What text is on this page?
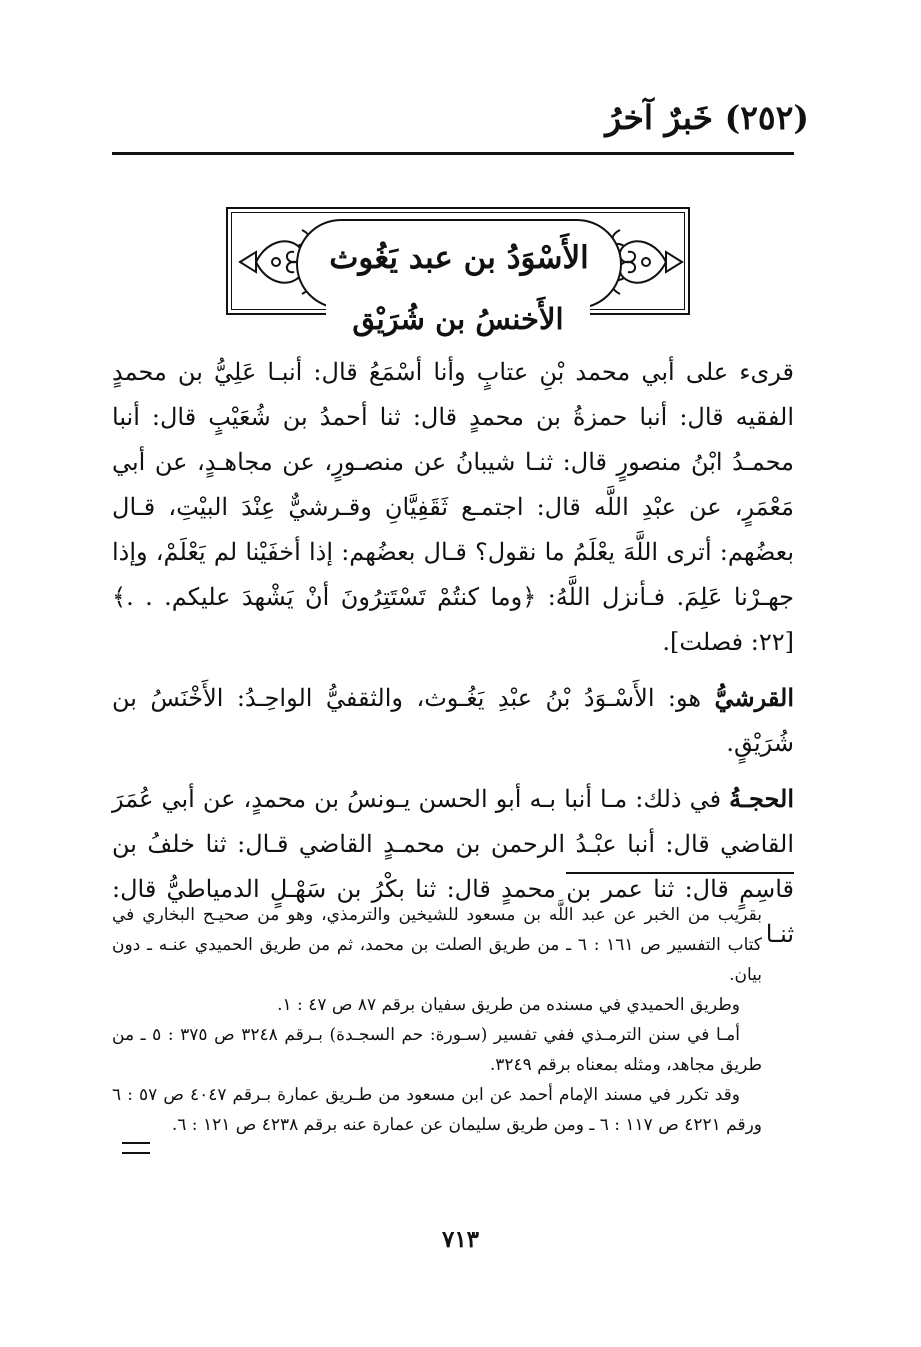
(٢٥٢) خَبرٌ آخرُ
الأَسْوَدُ بن عبد يَغُوث
الأَخنسُ بن شُرَيْق

قرىء على أبي محمد بْنِ عتابٍ وأنا أسْمَعُ قال: أنبـا عَلِيُّ بن محمدٍ الفقيه قال: أنبا حمزةُ بن محمدٍ قال: ثنا أحمدُ بن شُعَيْبٍ قال: أنبا محمـدُ ابْنُ منصورٍ قال: ثنـا شيبانُ عن منصـورٍ، عن مجاهـدٍ، عن أبي مَعْمَرٍ، عن عبْدِ اللَّه قال: اجتمـع ثَقَفِيَّانِ وقـرشيٌّ عِنْدَ البيْتِ، قـال بعضُهم: أترى اللَّهَ يعْلَمُ ما نقول؟ قـال بعضُهم: إذا أخفَيْنا لم يَعْلَمْ، وإذا جهـرْنا عَلِمَ. فـأنزل اللَّهُ: ﴿وما كنتُمْ تَسْتَتِرُونَ أنْ يَشْهدَ عليكم. . .﴾ [٢٢: فصلت].

القرشيُّ هو: الأَسْـوَدُ بْنُ عبْدِ يَغُـوث، والثقفيُّ الواحِـدُ: الأَخْنَسُ بن شُرَيْقٍ.

الحجـةُ في ذلك: مـا أنبا بـه أبو الحسن يـونسُ بن محمدٍ، عن أبي عُمَرَ القاضي قال: أنبا عبْـدُ الرحمن بن محمـدٍ القاضي قـال: ثنا خلفُ بن قاسِمٍ قال: ثنا عمر بن محمدٍ قال: ثنا بكْرُ بن سَهْـلٍ الدمياطيُّ قال: ثنـا

بقريب من الخبر عن عبد اللَّه بن مسعود للشيخين والترمذي، وهو من صحيـح البخاري في كتاب التفسير ص ١٦١ : ٦ ـ من طريق الصلت بن محمد، ثم من طريق الحميدي عنـه ـ دون بيان.

وطريق الحميدي في مسنده من طريق سفيان برقم ٨٧ ص ٤٧ : ١.

أمـا في سنن الترمـذي ففي تفسير (سـورة: حم السجـدة) بـرقم ٣٢٤٨ ص ٣٧٥ : ٥ ـ من طريق مجاهد، ومثله بمعناه برقم ٣٢٤٩.

وقد تكرر في مسند الإمام أحمد عن ابن مسعود من طـريق عمارة بـرقم ٤٠٤٧ ص ٥٧ : ٦ ورقم ٤٢٢١ ص ١١٧ : ٦ ـ ومن طريق سليمان عن عمارة عنه برقم ٤٢٣٨ ص ١٢١ : ٦.

٧١٣
